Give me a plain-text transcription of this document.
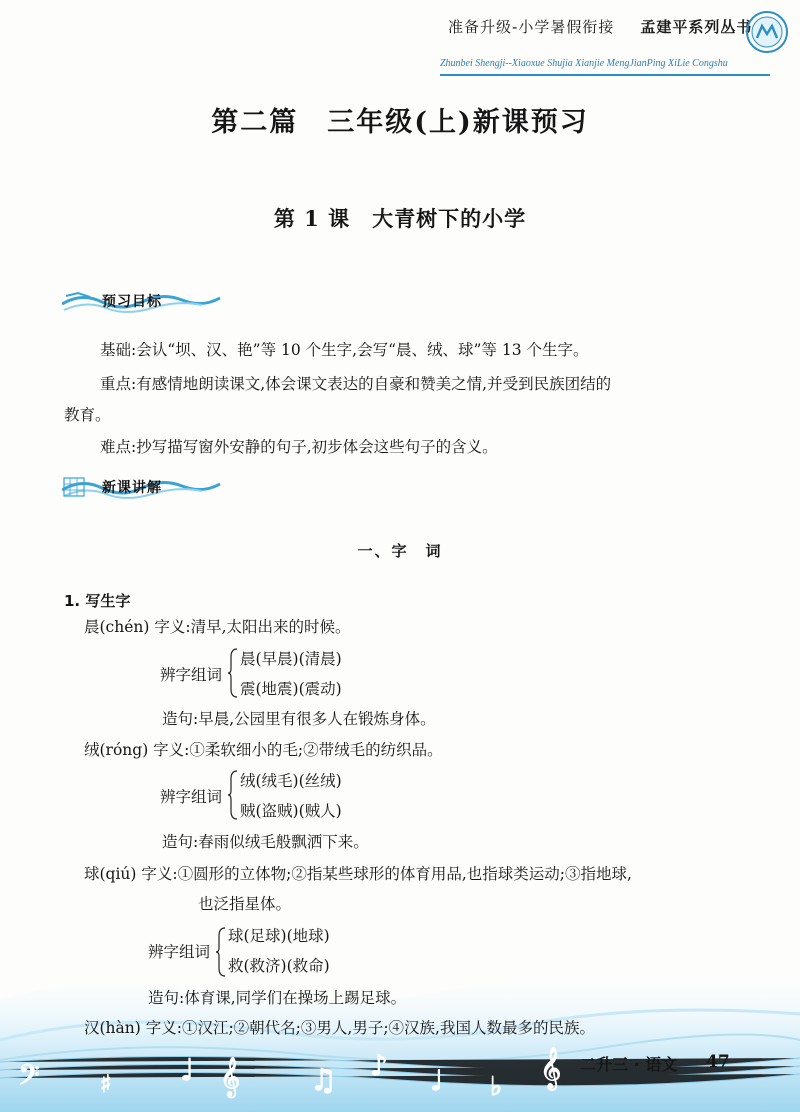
准备升级-小学暑假衔接 孟建平系列丛书
Zhunbei Shengji--Xiaoxue Shujia Xianjie MengJianPing XiLie Congshu
第二篇　三年级(上)新课预习
第 1 课　大青树下的小学
预习目标
基础:会认“坝、汉、艳”等 10 个生字,会写“晨、绒、球”等 13 个生字。
重点:有感情地朗读课文,体会课文表达的自豪和赞美之情,并受到民族团结的
教育。
难点:抄写描写窗外安静的句子,初步体会这些句子的含义。
新课讲解
一、字　词
1. 写生字
晨(chén) 字义:清早,太阳出来的时候。
辨字组词
晨(早晨)(清晨)
震(地震)(震动)
造句:早晨,公园里有很多人在锻炼身体。
绒(róng) 字义:①柔软细小的毛;②带绒毛的纺织品。
辨字组词
绒(绒毛)(丝绒)
贼(盗贼)(贼人)
造句:春雨似绒毛般飘洒下来。
球(qiú) 字义:①圆形的立体物;②指某些球形的体育用品,也指球类运动;③指地球,
也泛指星体。
辨字组词
球(足球)(地球)
救(救济)(救命)
𝄢	♯ ♩ 𝄞 ♫ ♪ ♩ ♭ 𝄞
造句:体育课,同学们在操场上踢足球。
汉(hàn) 字义:①汉江;②朝代名;③男人,男子;④汉族,我国人数最多的民族。
二升三 · 语文 47
